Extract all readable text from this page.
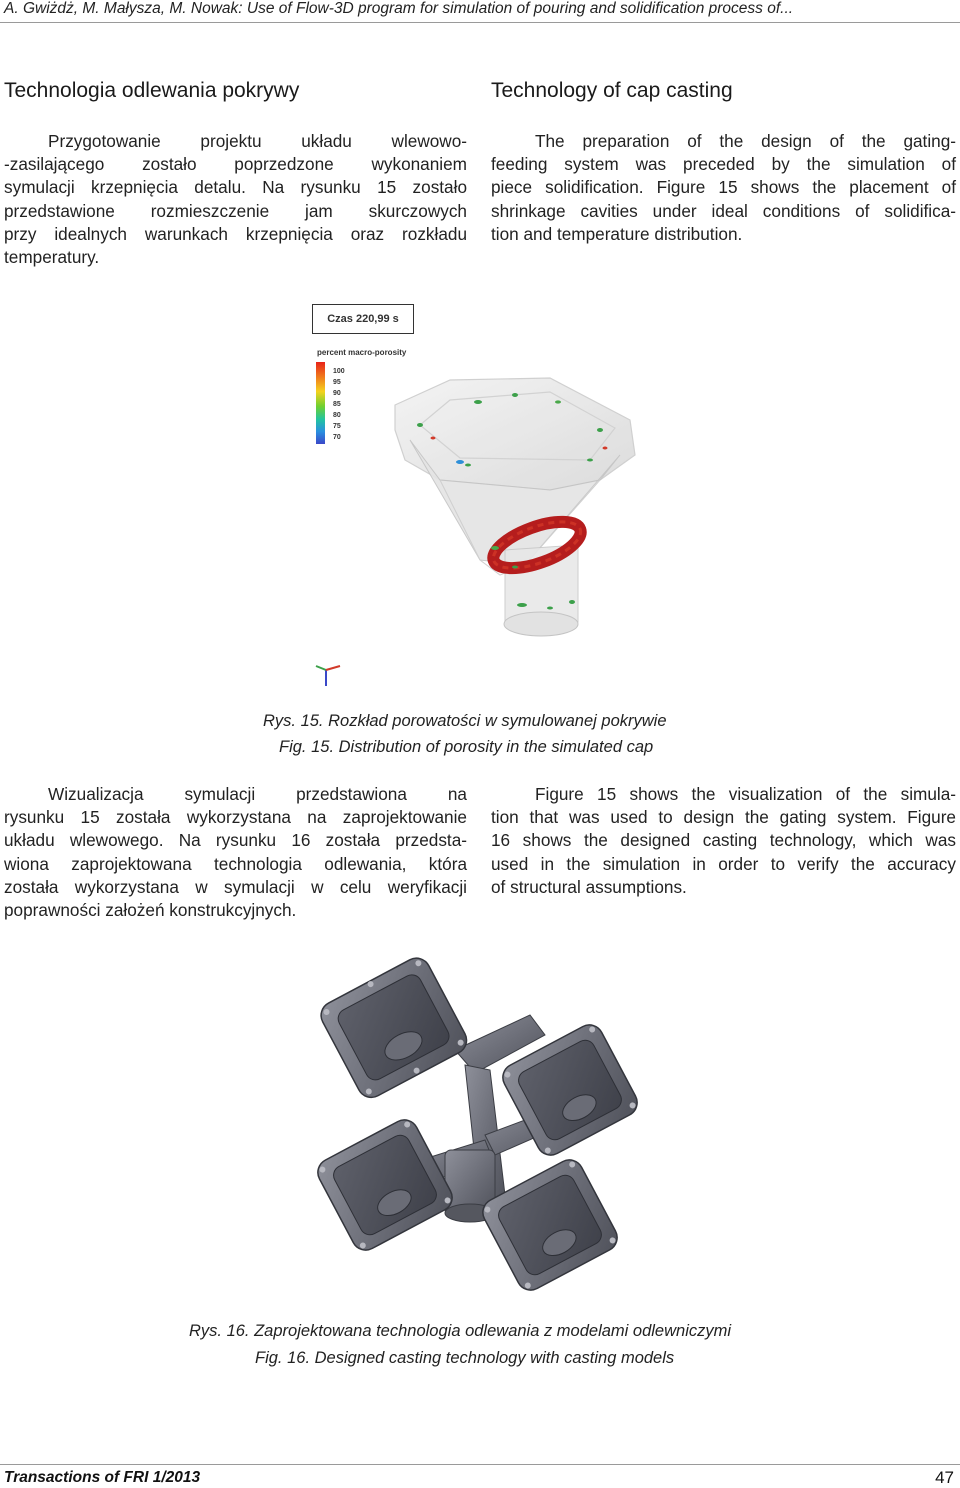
A. Gwiżdż, M. Małysza, M. Nowak: Use of Flow-3D program for simulation of pouring and solidification process of...
Technologia odlewania pokrywy
Przygotowanie projektu układu wlewowo-
-zasilającego zostało poprzedzone wykonaniem
symulacji krzepnięcia detalu. Na rysunku 15 zostało
przedstawione rozmieszczenie jam skurczowych
przy idealnych warunkach krzepnięcia oraz rozkładu
temperatury.
Technology of cap casting
The preparation of the design of the gating-
feeding system was preceded by the simulation of
piece solidification. Figure 15 shows the placement of
shrinkage cavities under ideal conditions of solidifica-
tion and temperature distribution.
Czas 220,99 s
percent macro-porosity
100
95
90
85
80
75
70
Rys. 15. Rozkład porowatości w symulowanej pokrywie
Fig. 15. Distribution of porosity in the simulated cap
Wizualizacja symulacji przedstawiona na
rysunku 15 została wykorzystana na zaprojektowanie
układu wlewowego. Na rysunku 16 została przedsta-
wiona zaprojektowana technologia odlewania, która
została wykorzystana w symulacji w celu weryfikacji
poprawności założeń konstrukcyjnych.
Figure 15 shows the visualization of the simula-
tion that was used to design the gating system. Figure
16 shows the designed casting technology, which was
used in the simulation in order to verify the accuracy
of structural assumptions.
Rys. 16. Zaprojektowana technologia odlewania z modelami odlewniczymi
Fig. 16. Designed casting technology with casting models
Transactions of FRI 1/2013	47
